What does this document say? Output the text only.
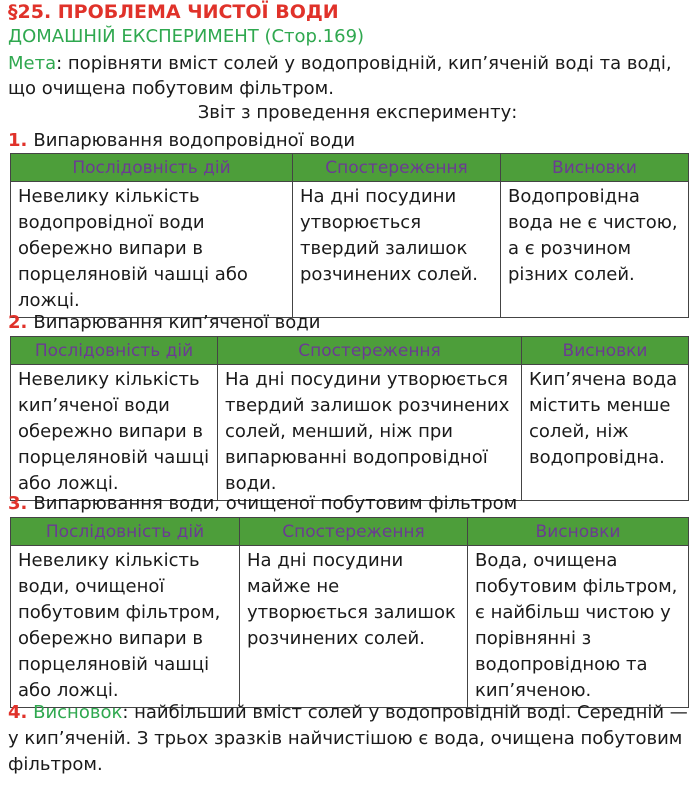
§25. ПРОБЛЕМА ЧИСТОЇ ВОДИ
ДОМАШНІЙ ЕКСПЕРИМЕНТ (Стор.169)
Мета: порівняти вміст солей у водопровідній, кип’яченій воді та воді, що очищена побутовим фільтром.
Звіт з проведення експерименту:
1. Випарювання водопровідної води
Послідовність дій	Спостереження	Висновки
Невелику кількість водопровідної води обережно випари в порцеляновій чашці або ложці.	На дні посудини утворюється твердий залишок розчинених солей.	Водопровідна вода не є чистою, а є розчином різних солей.
2. Випарювання кип’яченої води
Послідовність дій	Спостереження	Висновки
Невелику кількість кип’яченої води обережно випари в порцеляновій чашці або ложці.	На дні посудини утворюється твердий залишок розчинених солей, менший, ніж при випарюванні водопровідної води.	Кип’ячена вода містить менше солей, ніж водопровідна.
3. Випарювання води, очищеної побутовим фільтром
Послідовність дій	Спостереження	Висновки
Невелику кількість води, очищеної побутовим фільтром, обережно випари в порцеляновій чашці або ложці.	На дні посудини майже не утворюється залишок розчинених солей.	Вода, очищена побутовим фільтром, є найбільш чистою у порівнянні з водопровідною та кип’яченою.
4. Висновок: найбільший вміст солей у водопровідній воді. Середній — у кип’яченій. З трьох зразків найчистішою є вода, очищена побутовим фільтром.
